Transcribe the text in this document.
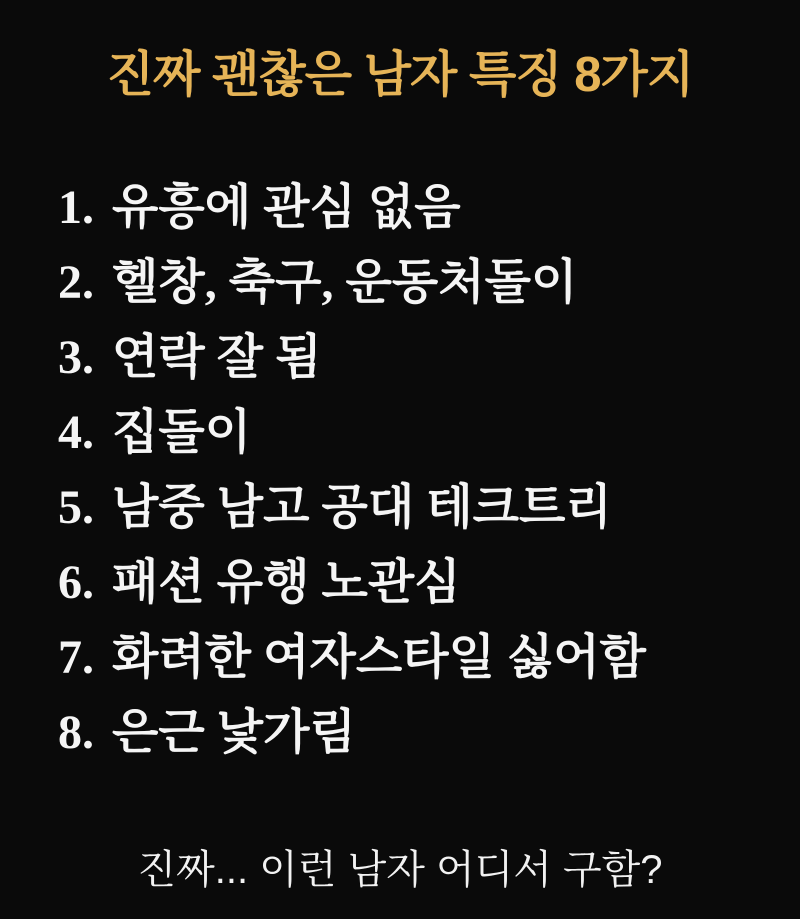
진짜 괜찮은 남자 특징 8가지
1. 유흥에 관심 없음
2. 헬창, 축구, 운동처돌이
3. 연락 잘 됨
4. 집돌이
5. 남중 남고 공대 테크트리
6. 패션 유행 노관심
7. 화려한 여자스타일 싫어함
8. 은근 낯가림
진짜... 이런 남자 어디서 구함?
